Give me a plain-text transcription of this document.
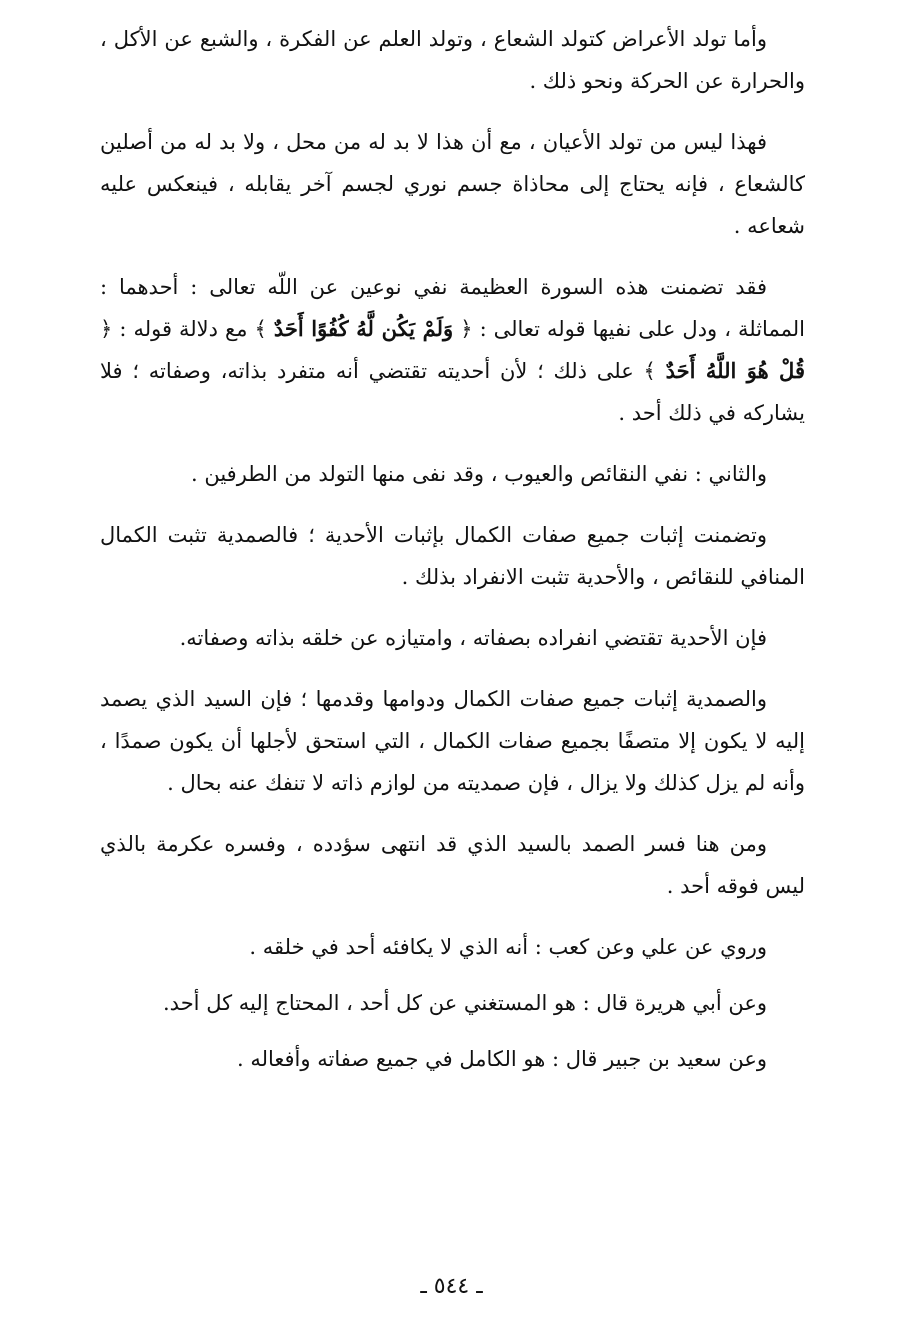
وأما تولد الأعراض كتولد الشعاع ، وتولد العلم عن الفكرة ، والشبع عن الأكل ، والحرارة عن الحركة ونحو ذلك .

فهذا ليس من تولد الأعيان ، مع أن هذا لا بد له من محل ، ولا بد له من أصلين كالشعاع ، فإنه يحتاج إلى محاذاة جسم نوري لجسم آخر يقابله ، فينعكس عليه شعاعه .

فقد تضمنت هذه السورة العظيمة نفي نوعين عن اللّه تعالى : أحدهما : المماثلة ، ودل على نفيها قوله تعالى : ﴿ وَلَمْ يَكُن لَّهُ كُفُوًا أَحَدٌ ﴾ مع دلالة قوله : ﴿ قُلْ هُوَ اللَّهُ أَحَدٌ ﴾ على ذلك ؛ لأن أحديته تقتضي أنه متفرد بذاته، وصفاته ؛ فلا يشاركه في ذلك أحد .

والثاني : نفي النقائص والعيوب ، وقد نفى منها التولد من الطرفين .

وتضمنت إثبات جميع صفات الكمال بإثبات الأحدية ؛ فالصمدية تثبت الكمال المنافي للنقائص ، والأحدية تثبت الانفراد بذلك .

فإن الأحدية تقتضي انفراده بصفاته ، وامتيازه عن خلقه بذاته وصفاته.

والصمدية إثبات جميع صفات الكمال ودوامها وقدمها ؛ فإن السيد الذي يصمد إليه لا يكون إلا متصفًا بجميع صفات الكمال ، التي استحق لأجلها أن يكون صمدًا ، وأنه لم يزل كذلك ولا يزال ، فإن صمديته من لوازم ذاته لا تنفك عنه بحال .

ومن هنا فسر الصمد بالسيد الذي قد انتهى سؤدده ، وفسره عكرمة بالذي ليس فوقه أحد .

وروي عن علي وعن كعب : أنه الذي لا يكافئه أحد في خلقه .

وعن أبي هريرة قال : هو المستغني عن كل أحد ، المحتاج إليه كل أحد.

وعن سعيد بن جبير قال : هو الكامل في جميع صفاته وأفعاله .

ـ ٥٤٤ ـ
